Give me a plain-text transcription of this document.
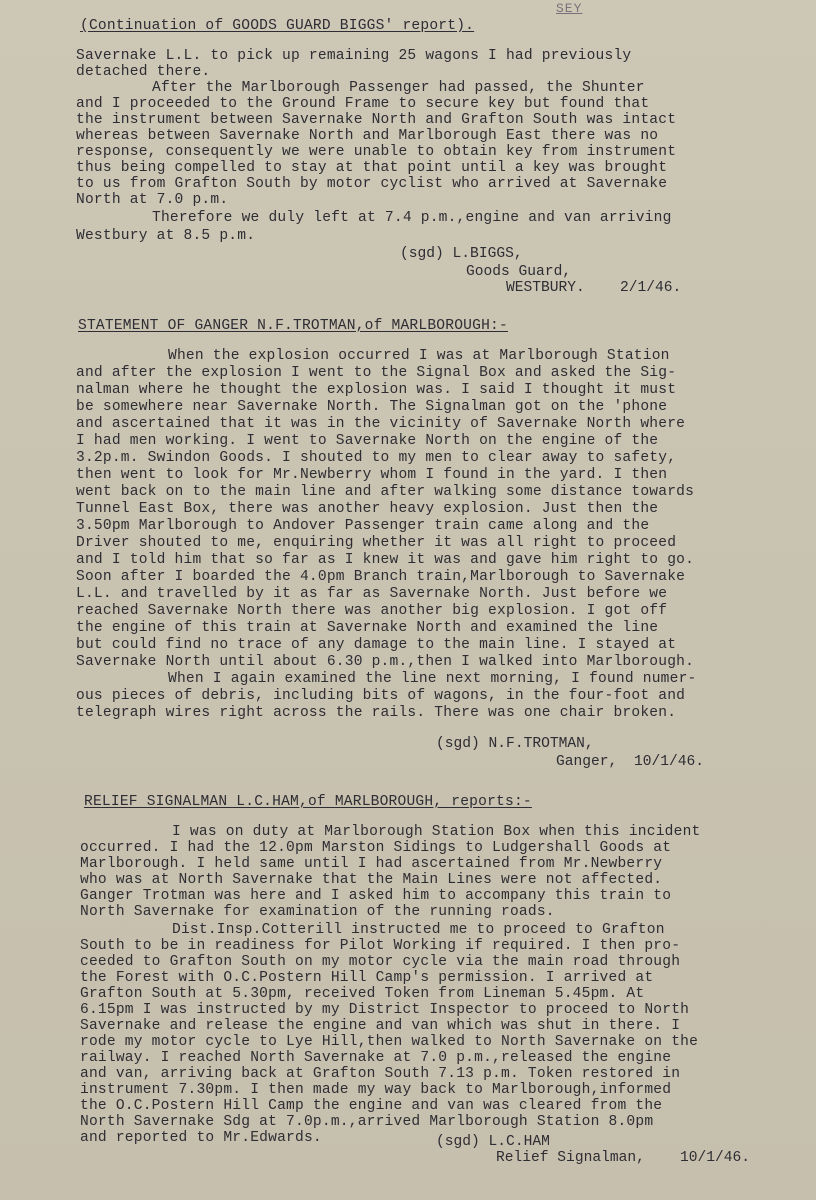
SEY
(Continuation of GOODS GUARD BIGGS' report).
Savernake L.L. to pick up remaining 25 wagons I had previously
detached there.
After the Marlborough Passenger had passed, the Shunter
and I proceeded to the Ground Frame to secure key but found that
the instrument between Savernake North and Grafton South was intact
whereas between Savernake North and Marlborough East there was no
response, consequently we were unable to obtain key from instrument
thus being compelled to stay at that point until a key was brought
to us from Grafton South by motor cyclist who arrived at Savernake
North at 7.0 p.m.
Therefore we duly left at 7.4 p.m.,engine and van arriving
Westbury at 8.5 p.m.
(sgd) L.BIGGS,
Goods Guard,
WESTBURY. 2/1/46.
STATEMENT OF GANGER N.F.TROTMAN,of MARLBOROUGH:-
When the explosion occurred I was at Marlborough Station
and after the explosion I went to the Signal Box and asked the Sig-
nalman where he thought the explosion was. I said I thought it must
be somewhere near Savernake North. The Signalman got on the 'phone
and ascertained that it was in the vicinity of Savernake North where
I had men working. I went to Savernake North on the engine of the
3.2p.m. Swindon Goods. I shouted to my men to clear away to safety,
then went to look for Mr.Newberry whom I found in the yard. I then
went back on to the main line and after walking some distance towards
Tunnel East Box, there was another heavy explosion. Just then the
3.50pm Marlborough to Andover Passenger train came along and the
Driver shouted to me, enquiring whether it was all right to proceed
and I told him that so far as I knew it was and gave him right to go.
Soon after I boarded the 4.0pm Branch train,Marlborough to Savernake
L.L. and travelled by it as far as Savernake North. Just before we
reached Savernake North there was another big explosion. I got off
the engine of this train at Savernake North and examined the line
but could find no trace of any damage to the main line. I stayed at
Savernake North until about 6.30 p.m.,then I walked into Marlborough.
When I again examined the line next morning, I found numer-
ous pieces of debris, including bits of wagons, in the four-foot and
telegraph wires right across the rails. There was one chair broken.
(sgd) N.F.TROTMAN,
Ganger, 10/1/46.
RELIEF SIGNALMAN L.C.HAM,of MARLBOROUGH, reports:-
I was on duty at Marlborough Station Box when this incident
occurred. I had the 12.0pm Marston Sidings to Ludgershall Goods at
Marlborough. I held same until I had ascertained from Mr.Newberry
who was at North Savernake that the Main Lines were not affected.
Ganger Trotman was here and I asked him to accompany this train to
North Savernake for examination of the running roads.
Dist.Insp.Cotterill instructed me to proceed to Grafton
South to be in readiness for Pilot Working if required. I then pro-
ceeded to Grafton South on my motor cycle via the main road through
the Forest with O.C.Postern Hill Camp's permission. I arrived at
Grafton South at 5.30pm, received Token from Lineman 5.45pm. At
6.15pm I was instructed by my District Inspector to proceed to North
Savernake and release the engine and van which was shut in there. I
rode my motor cycle to Lye Hill,then walked to North Savernake on the
railway. I reached North Savernake at 7.0 p.m.,released the engine
and van, arriving back at Grafton South 7.13 p.m. Token restored in
instrument 7.30pm. I then made my way back to Marlborough,informed
the O.C.Postern Hill Camp the engine and van was cleared from the
North Savernake Sdg at 7.0p.m.,arrived Marlborough Station 8.0pm
and reported to Mr.Edwards.	(sgd) L.C.HAM
Relief Signalman, 10/1/46.
